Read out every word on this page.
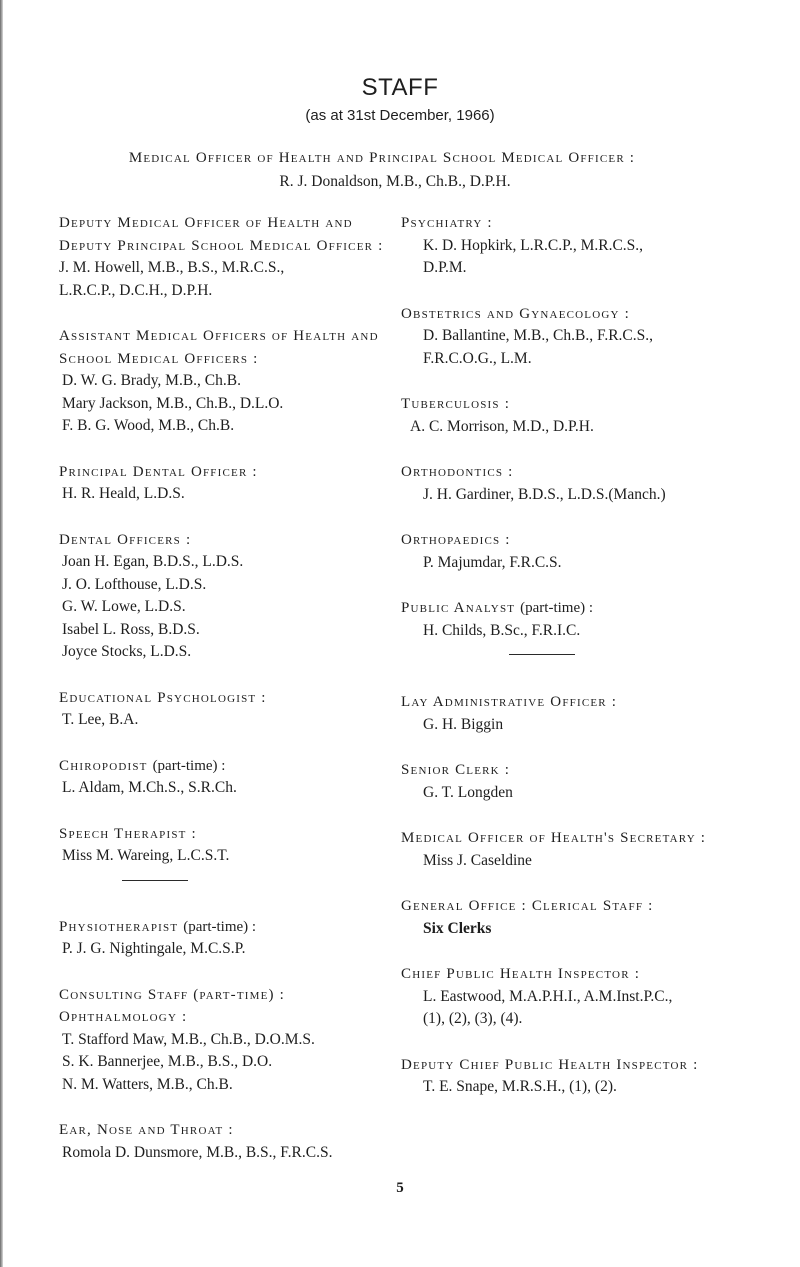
STAFF
(as at 31st December, 1966)
Medical Officer of Health and Principal School Medical Officer :
R. J. Donaldson, M.B., Ch.B., D.P.H.
Deputy Medical Officer of Health and
Deputy Principal School Medical Officer :
J. M. Howell, M.B., B.S., M.R.C.S.,
L.R.C.P., D.C.H., D.P.H.
Assistant Medical Officers of Health and
School Medical Officers :
D. W. G. Brady, M.B., Ch.B.
Mary Jackson, M.B., Ch.B., D.L.O.
F. B. G. Wood, M.B., Ch.B.
Principal Dental Officer :
H. R. Heald, L.D.S.
Dental Officers :
Joan H. Egan, B.D.S., L.D.S.
J. O. Lofthouse, L.D.S.
G. W. Lowe, L.D.S.
Isabel L. Ross, B.D.S.
Joyce Stocks, L.D.S.
Educational Psychologist :
T. Lee, B.A.
Chiropodist (part-time) :
L. Aldam, M.Ch.S., S.R.Ch.
Speech Therapist :
Miss M. Wareing, L.C.S.T.
Physiotherapist (part-time) :
P. J. G. Nightingale, M.C.S.P.
Consulting Staff (part-time) :
Ophthalmology :
T. Stafford Maw, M.B., Ch.B., D.O.M.S.
S. K. Bannerjee, M.B., B.S., D.O.
N. M. Watters, M.B., Ch.B.
Ear, Nose and Throat :
Romola D. Dunsmore, M.B., B.S., F.R.C.S.
Psychiatry :
K. D. Hopkirk, L.R.C.P., M.R.C.S.,
D.P.M.
Obstetrics and Gynaecology :
D. Ballantine, M.B., Ch.B., F.R.C.S.,
F.R.C.O.G., L.M.
Tuberculosis :
A. C. Morrison, M.D., D.P.H.
Orthodontics :
J. H. Gardiner, B.D.S., L.D.S.(Manch.)
Orthopaedics :
P. Majumdar, F.R.C.S.
Public Analyst (part-time) :
H. Childs, B.Sc., F.R.I.C.
Lay Administrative Officer :
G. H. Biggin
Senior Clerk :
G. T. Longden
Medical Officer of Health's Secretary :
Miss J. Caseldine
General Office : Clerical Staff :
Six Clerks
Chief Public Health Inspector :
L. Eastwood, M.A.P.H.I., A.M.Inst.P.C.,
(1), (2), (3), (4).
Deputy Chief Public Health Inspector :
T. E. Snape, M.R.S.H., (1), (2).
5
